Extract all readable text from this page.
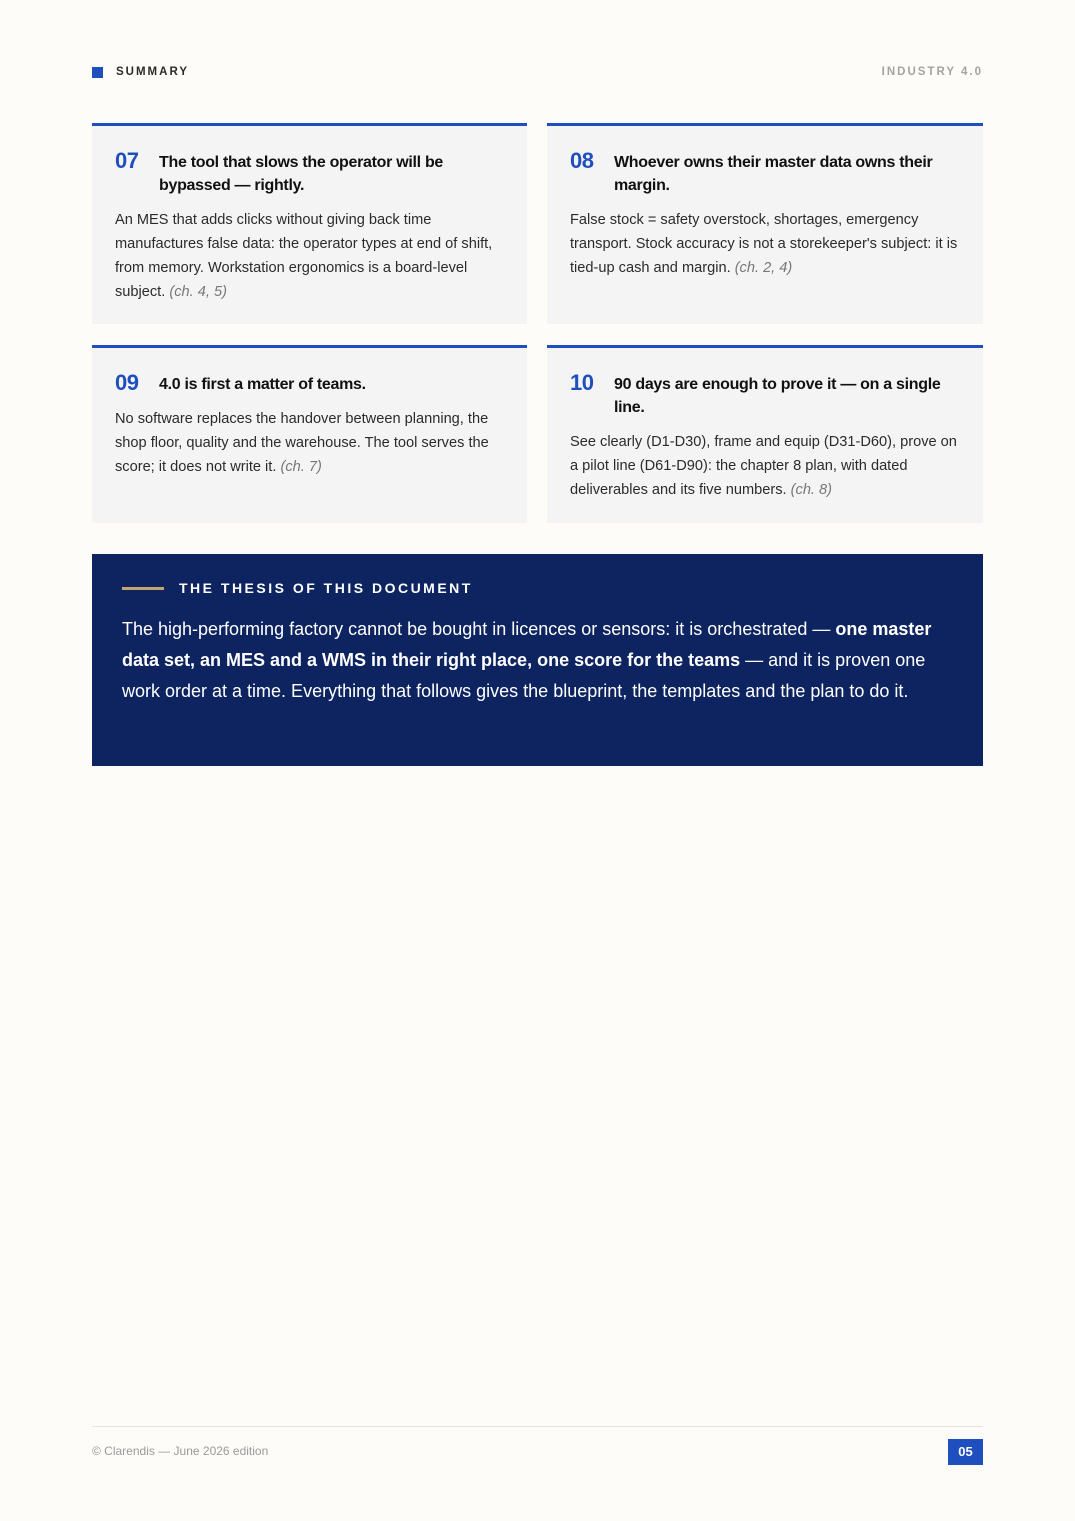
SUMMARY	INDUSTRY 4.0
07	The tool that slows the operator will be bypassed — rightly.
An MES that adds clicks without giving back time manufactures false data: the operator types at end of shift, from memory. Workstation ergonomics is a board-level subject. (ch. 4, 5)
08	Whoever owns their master data owns their margin.
False stock = safety overstock, shortages, emergency transport. Stock accuracy is not a storekeeper's subject: it is tied-up cash and margin. (ch. 2, 4)
09	4.0 is first a matter of teams.
No software replaces the handover between planning, the shop floor, quality and the warehouse. The tool serves the score; it does not write it. (ch. 7)
10	90 days are enough to prove it — on a single line.
See clearly (D1-D30), frame and equip (D31-D60), prove on a pilot line (D61-D90): the chapter 8 plan, with dated deliverables and its five numbers. (ch. 8)
THE THESIS OF THIS DOCUMENT
The high-performing factory cannot be bought in licences or sensors: it is orchestrated — one master data set, an MES and a WMS in their right place, one score for the teams — and it is proven one work order at a time. Everything that follows gives the blueprint, the templates and the plan to do it.
© Clarendis — June 2026 edition	05
